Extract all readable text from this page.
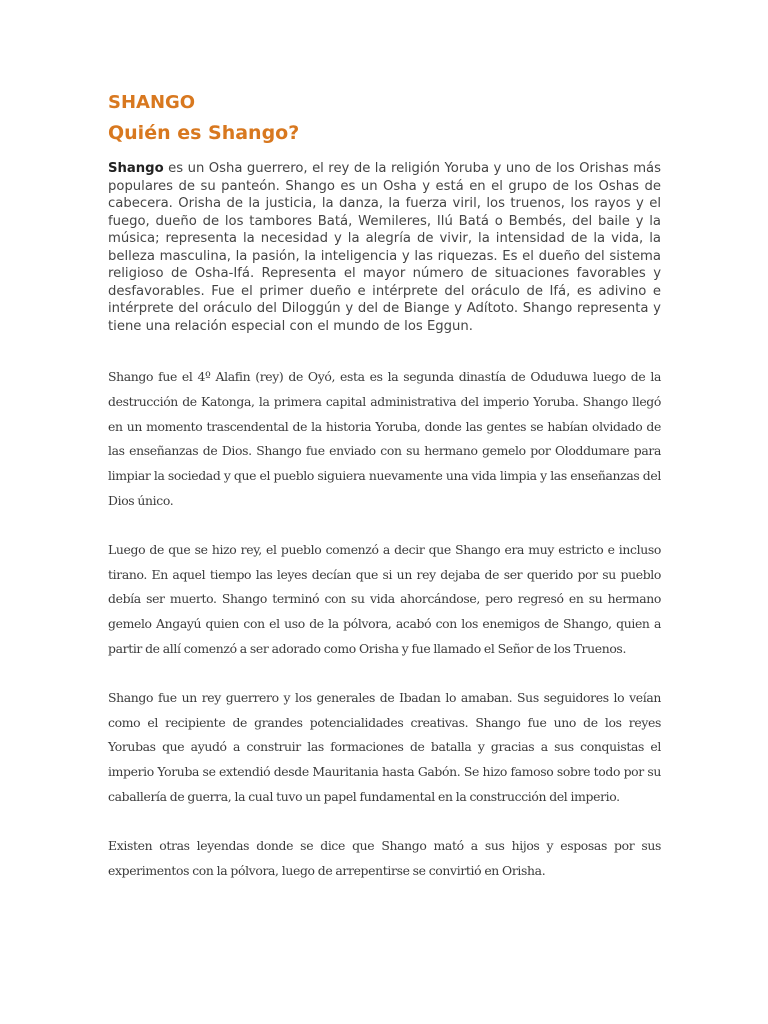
SHANGO
Quién es Shango?

Shango es un Osha guerrero, el rey de la religión Yoruba y uno de los Orishas más populares de su panteón. Shango es un Osha y está en el grupo de los Oshas de cabecera. Orisha de la justicia, la danza, la fuerza viril, los truenos, los rayos y el fuego, dueño de los tambores Batá, Wemileres, Ilú Batá o Bembés, del baile y la música; representa la necesidad y la alegría de vivir, la intensidad de la vida, la belleza masculina, la pasión, la inteligencia y las riquezas. Es el dueño del sistema religioso de Osha-Ifá. Representa el mayor número de situaciones favorables y desfavorables. Fue el primer dueño e intérprete del oráculo de Ifá, es adivino e intérprete del oráculo del Diloggún y del de Biange y Adítoto. Shango representa y tiene una relación especial con el mundo de los Eggun.

Shango fue el 4º Alafin (rey) de Oyó, esta es la segunda dinastía de Oduduwa luego de la destrucción de Katonga, la primera capital administrativa del imperio Yoruba. Shango llegó en un momento trascendental de la historia Yoruba, donde las gentes se habían olvidado de las enseñanzas de Dios. Shango fue enviado con su hermano gemelo por Oloddumare para limpiar la sociedad y que el pueblo siguiera nuevamente una vida limpia y las enseñanzas del Dios único.

Luego de que se hizo rey, el pueblo comenzó a decir que Shango era muy estricto e incluso tirano. En aquel tiempo las leyes decían que si un rey dejaba de ser querido por su pueblo debía ser muerto. Shango terminó con su vida ahorcándose, pero regresó en su hermano gemelo Angayú quien con el uso de la pólvora, acabó con los enemigos de Shango, quien a partir de allí comenzó a ser adorado como Orisha y fue llamado el Señor de los Truenos.

Shango fue un rey guerrero y los generales de Ibadan lo amaban. Sus seguidores lo veían como el recipiente de grandes potencialidades creativas. Shango fue uno de los reyes Yorubas que ayudó a construir las formaciones de batalla y gracias a sus conquistas el imperio Yoruba se extendió desde Mauritania hasta Gabón. Se hizo famoso sobre todo por su caballería de guerra, la cual tuvo un papel fundamental en la construcción del imperio.

Existen otras leyendas donde se dice que Shango mató a sus hijos y esposas por sus experimentos con la pólvora, luego de arrepentirse se convirtió en Orisha.
